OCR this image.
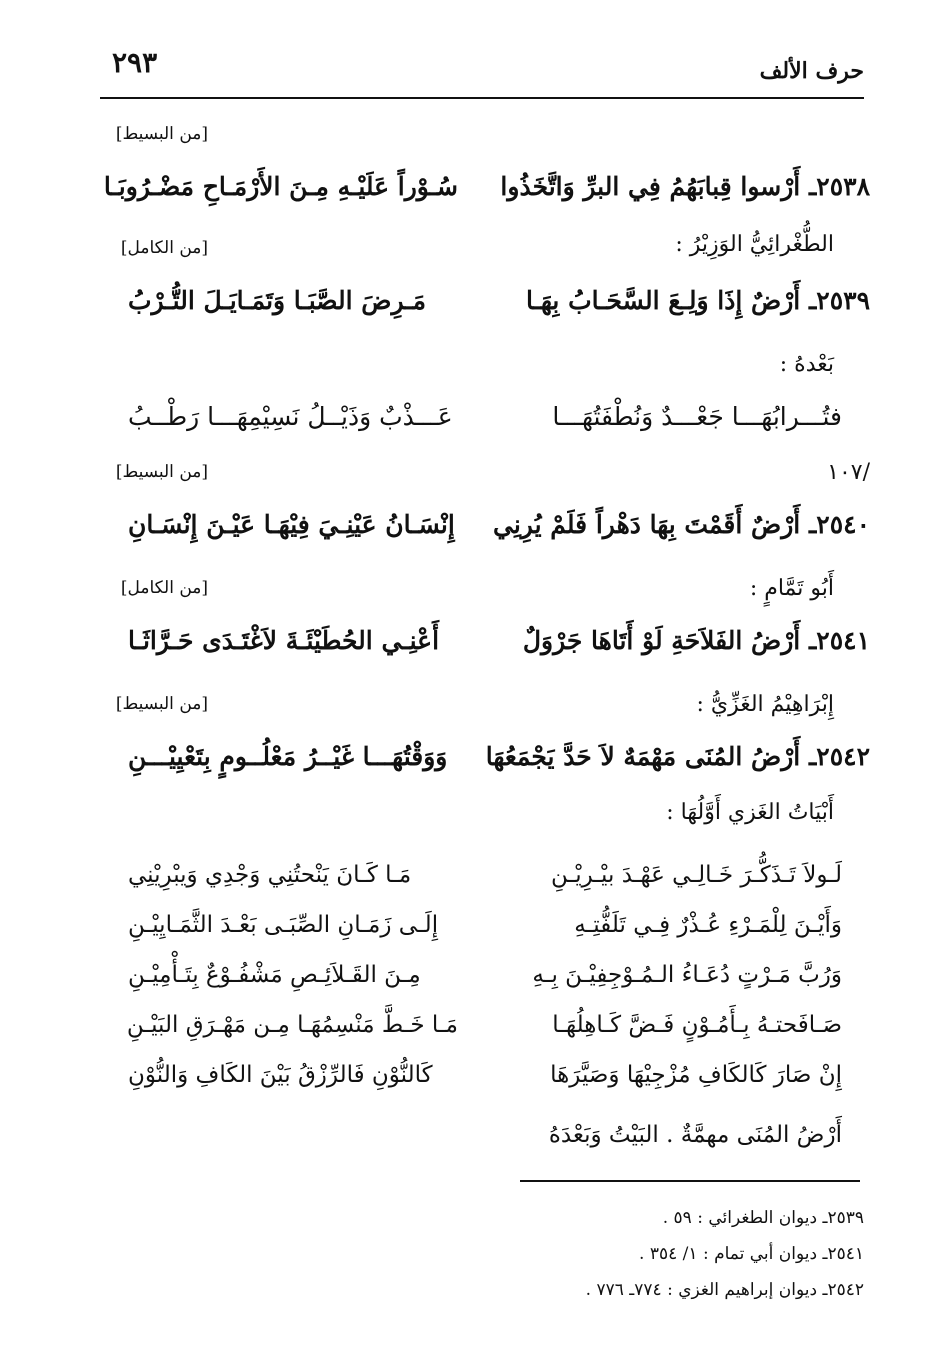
حرف الألف
٢٩٣
[من البسيط]
٢٥٣٨ـ أَرْسوا قِبابَهُمُ فِي البرِّ وَاتَّخَذُوا
سُـوْراً عَلَيْـهِ مِـنَ الأَرْمَـاحِ مَضْـرُوبَـا
الطُّغْرائِيُّ الوَزِيْرُ :
[من الكامل]
٢٥٣٩ـ أَرْضٌ إِذَا وَلِـعَ السَّحَـابُ بِهَـا
مَـرِضَ الصَّبَـا وَتَمَـايَـلَ التُّـرْبُ
بَعْدهُ :
فتُـــرابُهَـــا جَعْـــدٌ وَنُطْفَتُهَـــا
عَـــذْبٌ وَذَيْــلُ نَسِيْمِهَـــا رَطْــبُ
/١٠٧
[من البسيط]
٢٥٤٠ـ أَرْضٌ أَقَمْتَ بِهَا دَهْراً فَلَمْ يُرِنِي
إِنْسَـانُ عَيْنِـيَ فِيْهَـا عَيْـنَ إِنْسَـانِ
أَبُو تَمَّامٍ :
[من الكامل]
٢٥٤١ـ أَرْضُ الفَلاَحَةِ لَوْ أَتَاهَا جَرْوَلٌ
أَعْنِـي الحُطَيْئَـةَ لاَغْتَـدَى حَـرَّاثَـا
إِبْرَاهِيْمُ الغَزِّيُّ :
[من البسيط]
٢٥٤٢ـ أَرْضُ المُنَى مَهْمَهٌ لاَ حَدَّ يَجْمَعُهَا
وَوَقْتُهَـــا غَيْــرُ مَعْلُــومٍ بِتَعْيِيْـــنِ
أَبْيَاتُ الغَزي أَوَّلُهَا :
لَـولاَ تَـذَكُّـرَ خَـالِـي عَهْـدَ بيْـرِيْـنِ
وَأَيْـنَ لِلْمَـرْءِ عُـذْرٌ فِـي تَلَفُّتِـهِ
وَرُبَّ مَـرْتٍ دُعَـاءُ الـمُـوْجِفِيْـنَ بِـهِ
صَـافَحتـهُ بِـأَمُـوْنٍ فَـضَّ كَـاهِلُهَـا
إِنْ صَارَ كَالكَافِ مُزْجِيْهَا وَصَيَّرَهَا
مَـا كَـانَ يَنْحتُنِي وَجْدِي وَيبْرِيْنِي
إِلَـى زَمَـانِ الصِّبَـى بَعْـدَ الثَّمَـايِيْـنِ
مِـنَ القَـلاَئِـصِ مَشْفُـوْعٌ بِتَـأْمِيْـنِ
مَـا خَـطَّ مَنْسِمُهَـا مِـن مَهْـرَقِ البَيْـنِ
كَالنُّوْنِ فَالرِّزْقُ بَيْنَ الكَافِ وَالنُّوْنِ
أَرْضُ المُنَى مهمَّةٌ . البَيْتُ وَبَعْدَهُ
٢٥٣٩ـ ديوان الطغرائي : ٥٩ .
٢٥٤١ـ ديوان أبي تمام : ١/ ٣٥٤ .
٢٥٤٢ـ ديوان إبراهيم الغزي : ٧٧٤ـ ٧٧٦ .
